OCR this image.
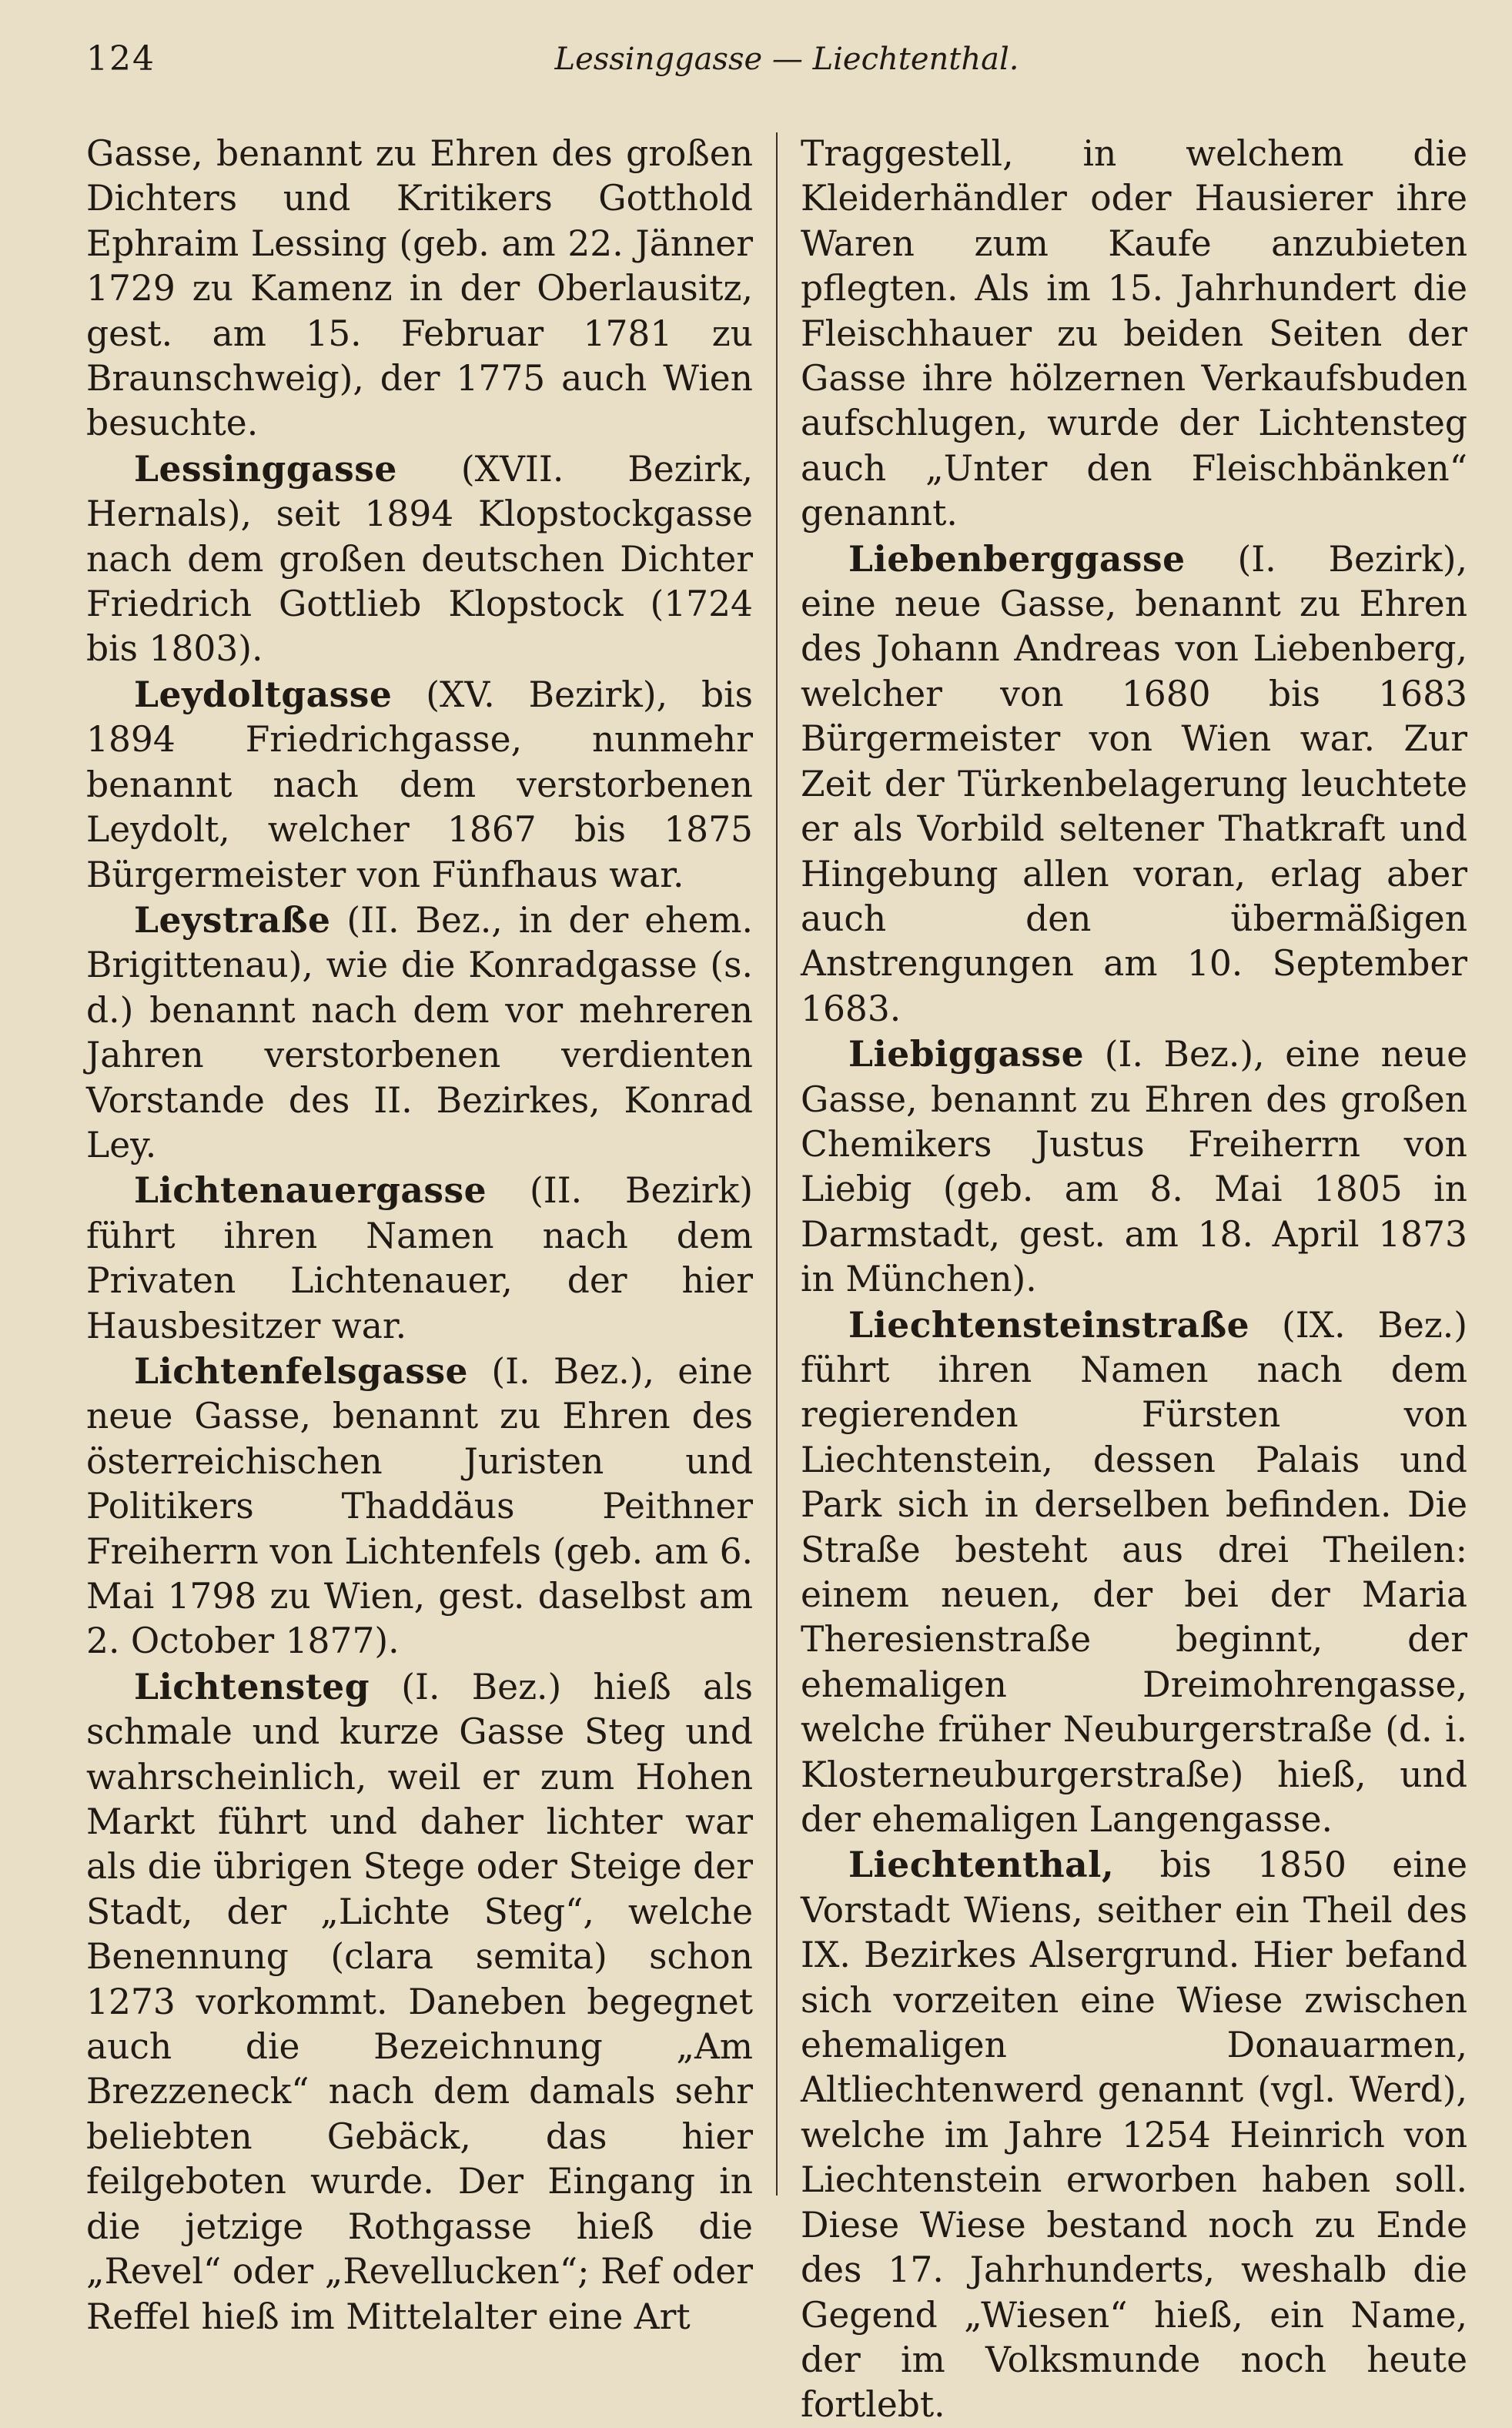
124	Lessinggasse — Liechtenthal.

Gasse, benannt zu Ehren des großen Dichters und Kritikers Gotthold Ephraim Lessing (geb. am 22. Jänner 1729 zu Kamenz in der Oberlausitz, gest. am 15. Februar 1781 zu Braunschweig), der 1775 auch Wien besuchte.

Lessinggasse (XVII. Bezirk, Hernals), seit 1894 Klopstockgasse nach dem großen deutschen Dichter Friedrich Gottlieb Klopstock (1724 bis 1803).

Leydoltgasse (XV. Bezirk), bis 1894 Friedrichgasse, nunmehr benannt nach dem verstorbenen Leydolt, welcher 1867 bis 1875 Bürgermeister von Fünfhaus war.

Leystraße (II. Bez., in der ehem. Brigittenau), wie die Konradgasse (s. d.) benannt nach dem vor mehreren Jahren verstorbenen verdienten Vorstande des II. Bezirkes, Konrad Ley.

Lichtenauergasse (II. Bezirk) führt ihren Namen nach dem Privaten Lichtenauer, der hier Hausbesitzer war.

Lichtenfelsgasse (I. Bez.), eine neue Gasse, benannt zu Ehren des österreichischen Juristen und Politikers Thaddäus Peithner Freiherrn von Lichtenfels (geb. am 6. Mai 1798 zu Wien, gest. daselbst am 2. October 1877).

Lichtensteg (I. Bez.) hieß als schmale und kurze Gasse Steg und wahrscheinlich, weil er zum Hohen Markt führt und daher lichter war als die übrigen Stege oder Steige der Stadt, der „Lichte Steg“, welche Benennung (clara semita) schon 1273 vorkommt. Daneben begegnet auch die Bezeichnung „Am Brezzeneck“ nach dem damals sehr beliebten Gebäck, das hier feilgeboten wurde. Der Eingang in die jetzige Rothgasse hieß die „Revel“ oder „Revellucken“; Ref oder Reffel hieß im Mittelalter eine Art

Traggestell, in welchem die Kleiderhändler oder Hausierer ihre Waren zum Kaufe anzubieten pflegten. Als im 15. Jahrhundert die Fleischhauer zu beiden Seiten der Gasse ihre hölzernen Verkaufsbuden aufschlugen, wurde der Lichtensteg auch „Unter den Fleischbänken“ genannt.

Liebenberggasse (I. Bezirk), eine neue Gasse, benannt zu Ehren des Johann Andreas von Liebenberg, welcher von 1680 bis 1683 Bürgermeister von Wien war. Zur Zeit der Türkenbelagerung leuchtete er als Vorbild seltener Thatkraft und Hingebung allen voran, erlag aber auch den übermäßigen Anstrengungen am 10. September 1683.

Liebiggasse (I. Bez.), eine neue Gasse, benannt zu Ehren des großen Chemikers Justus Freiherrn von Liebig (geb. am 8. Mai 1805 in Darmstadt, gest. am 18. April 1873 in München).

Liechtensteinstraße (IX. Bez.) führt ihren Namen nach dem regierenden Fürsten von Liechtenstein, dessen Palais und Park sich in derselben befinden. Die Straße besteht aus drei Theilen: einem neuen, der bei der Maria Theresienstraße beginnt, der ehemaligen Dreimohrengasse, welche früher Neuburgerstraße (d. i. Klosterneuburgerstraße) hieß, und der ehemaligen Langengasse.

Liechtenthal, bis 1850 eine Vorstadt Wiens, seither ein Theil des IX. Bezirkes Alsergrund. Hier befand sich vorzeiten eine Wiese zwischen ehemaligen Donauarmen, Altliechtenwerd genannt (vgl. Werd), welche im Jahre 1254 Heinrich von Liechtenstein erworben haben soll. Diese Wiese bestand noch zu Ende des 17. Jahrhunderts, weshalb die Gegend „Wiesen“ hieß, ein Name, der im Volksmunde noch heute fortlebt.
